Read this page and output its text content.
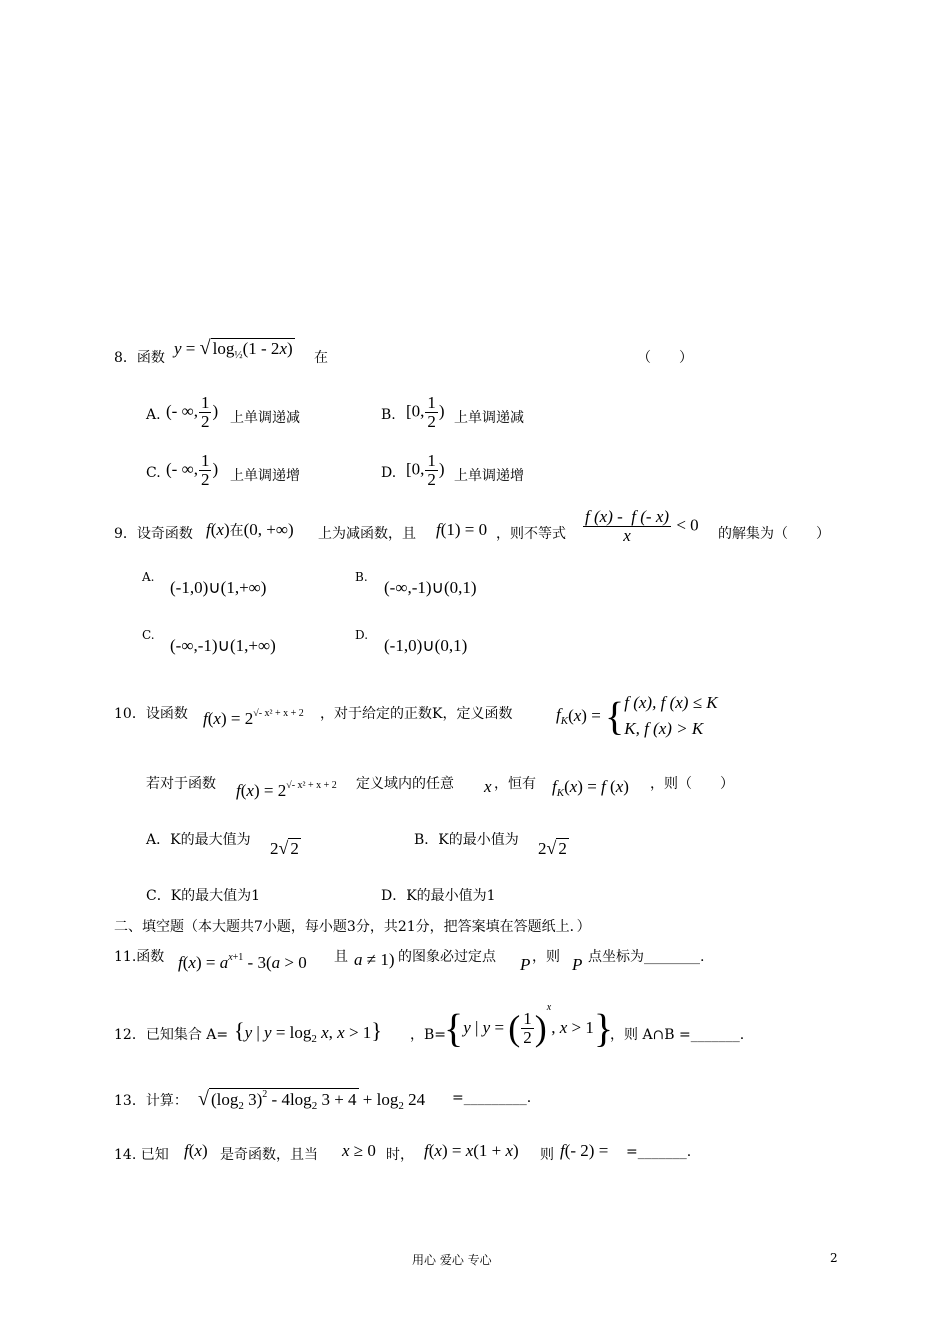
8．函数 y = √ $\log_{\frac{1}{2}}(1 - 2x)$ 在	（　　）
A. (- ∞, $\frac{1}{2}$ ) 上单调递减	B. [0, $\frac{1}{2}$ ) 上单调递减
C. (- ∞, $\frac{1}{2}$ ) 上单调递增	D. [0, $\frac{1}{2}$ ) 上单调递增
9．设奇函数 f(x)在(0, +∞) 上为减函数，且 f(1) = 0 ，则不等式 $\frac{f (x) - f (- x)}{x} < 0$ 的解集为（　　）
A.
(-1,0)∪(1,+∞)
B.
(-∞,-1)∪(0,1)
C.
(-∞,-1)∪(1,+∞)
D.
(-1,0)∪(0,1)
10．设函数 $f(x) = 2^{√- x^2 + x + 2}$ ，对于给定的正数K，定义函数	$f_K(x)$ = { f (x), f (x) ≤ K
K, f (x) > K
若对于函数 $f(x) = 2^{√- x^2 + x + 2}$ 定义域内的任意 x ，恒有 $f_K(x) = f$ (x) ，则（　　）
A．K的最大值为 2√ 2	B．K的最小值为 2√ 2
C．K的最大值为1	D．K的最小值为1
二、填空题（本大题共7小题，每小题3分，共21分，把答案填在答题纸上．）
11.函数 $f(x) = a^{x+1} - 3(a > 0$ 且 a ≠ 1) 的图象必过定点 P ，则 P 点坐标为________.
12．已知集合 A= {y | $y = \log_2 x$, x > 1} ，B=
{y | y = ( $\frac{1}{2} )^x$, x > 1}
，则 A∩B =_______.
13．计算： √ ($\log_2$ $3)^2 - 4\log_2$ $3 + 4 + \log_2 24$ =_________.
14. 已知 f(x) 是奇函数，且当 x ≥ 0 时， f(x) = x(1 + x) 则 f(- 2) = =_______.
用心 爱心 专心	2
